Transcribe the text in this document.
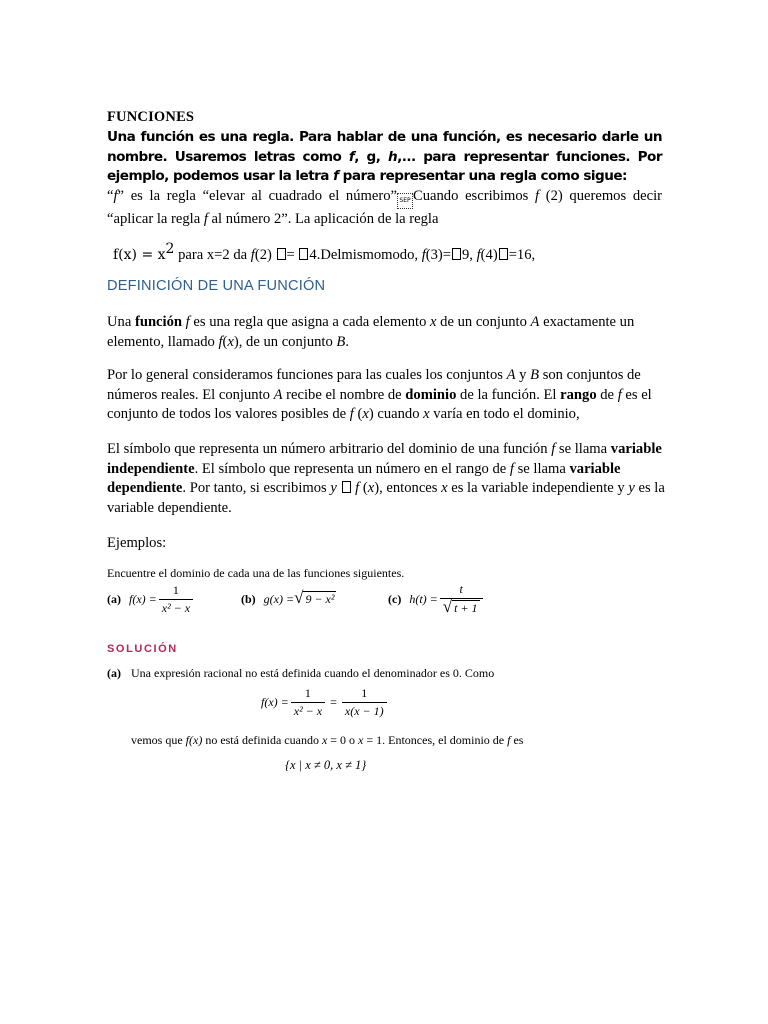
FUNCIONES

Una función es una regla. Para hablar de una función, es necesario darle un nombre. Usaremos letras como f, g, h,... para representar funciones. Por ejemplo, podemos usar la letra f para representar una regla como sigue:

“f” es la regla “elevar al cuadrado el número” SEP Cuando escribimos f (2) queremos decir “aplicar la regla f al número 2”. La aplicación de la regla

$f(x) = x^2$ para x=2 da f(2) = 4.Delmismomodo, f(3)= 9, f(4) =16,

DEFINICIÓN DE UNA FUNCIÓN

Una función f es una regla que asigna a cada elemento x de un conjunto A exactamente un elemento, llamado f(x), de un conjunto B.

Por lo general consideramos funciones para las cuales los conjuntos A y B son conjuntos de números reales. El conjunto A recibe el nombre de dominio de la función. El rango de f es el conjunto de todos los valores posibles de f (x) cuando x varía en todo el dominio,

El símbolo que representa un número arbitrario del dominio de una función f se llama variable independiente. El símbolo que representa un número en el rango de f se llama variable dependiente. Por tanto, si escribimos y f (x), entonces x es la variable independiente y y es la variable dependiente.

Ejemplos:

Encuentre el dominio de cada una de las funciones siguientes.

(a) $f(x) = \frac{1}{\text{x² − x}}$	(b) g(x) = √ 9 − x²	(c) $h(t) = \frac{t}{√ t + 1}$

SOLUCIÓN

(a) Una expresión racional no está definida cuando el denominador es 0. Como

$f(x) = \frac{1}{\text{x² − x}} = \frac{1}{x(x - 1)}$

vemos que f(x) no está definida cuando x = 0 o x = 1. Entonces, el dominio de f es

{x | x ≠ 0, x ≠ 1}
